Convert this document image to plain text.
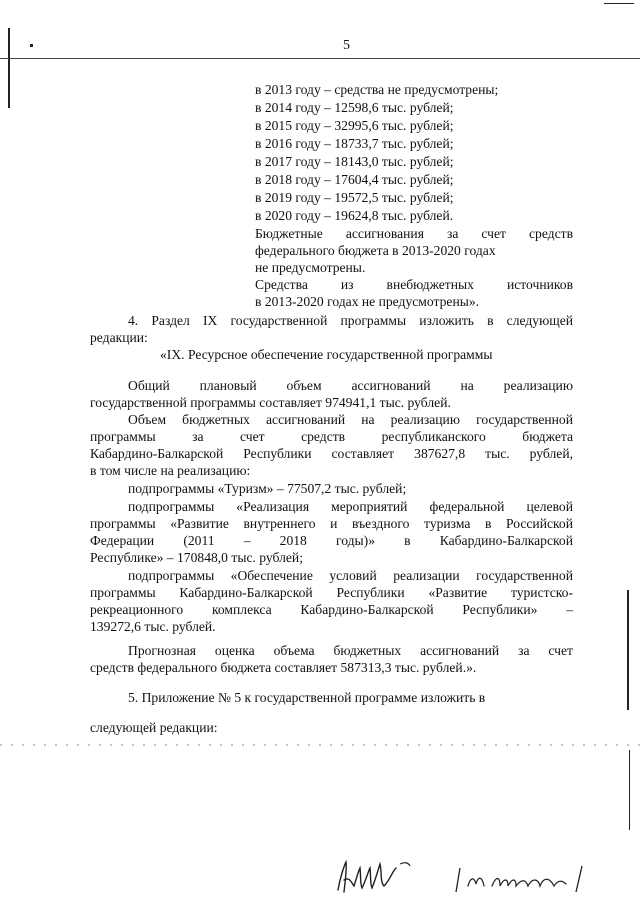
5
в 2013 году – средства не предусмотрены;
в 2014 году – 12598,6 тыс. рублей;
в 2015 году – 32995,6 тыс. рублей;
в 2016 году – 18733,7 тыс. рублей;
в 2017 году – 18143,0 тыс. рублей;
в 2018 году – 17604,4 тыс. рублей;
в 2019 году – 19572,5 тыс. рублей;
в 2020 году – 19624,8 тыс. рублей.
Бюджетные ассигнования за счет средств
федерального бюджета в 2013-2020 годах
не предусмотрены.
Средства из внебюджетных источников
в 2013-2020 годах не предусмотрены».
4. Раздел IX государственной программы изложить в следующей
редакции:
«IX. Ресурсное обеспечение государственной программы
Общий плановый объем ассигнований на реализацию
государственной программы составляет 974941,1 тыс. рублей.
Объем бюджетных ассигнований на реализацию государственной
программы за счет средств республиканского бюджета
Кабардино-Балкарской Республики составляет 387627,8 тыс. рублей,
в том числе на реализацию:
подпрограммы «Туризм» – 77507,2 тыс. рублей;
подпрограммы «Реализация мероприятий федеральной целевой
программы «Развитие внутреннего и въездного туризма в Российской
Федерации (2011 – 2018 годы)» в Кабардино-Балкарской
Республике» – 170848,0 тыс. рублей;
подпрограммы «Обеспечение условий реализации государственной
программы Кабардино-Балкарской Республики «Развитие туристско-
рекреационного комплекса Кабардино-Балкарской Республики» –
139272,6 тыс. рублей.
Прогнозная оценка объема бюджетных ассигнований за счет
средств федерального бюджета составляет 587313,3 тыс. рублей.».
5. Приложение № 5 к государственной программе изложить в
следующей редакции:
